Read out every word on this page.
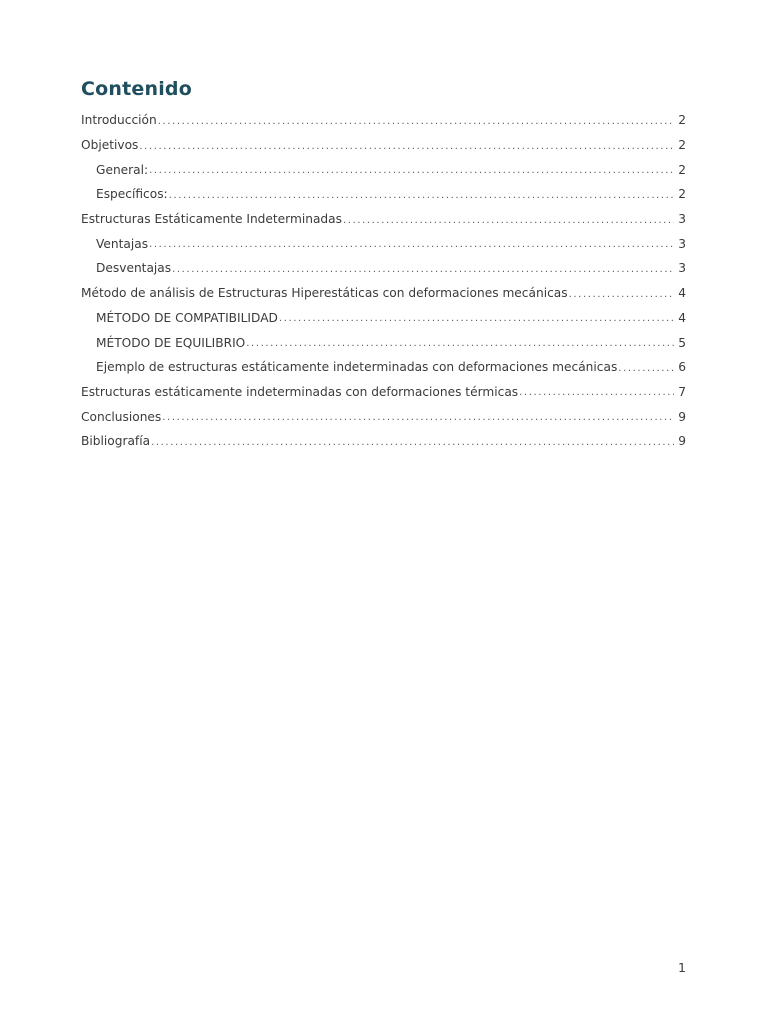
Contenido
Introducción .....	2
Objetivos .....	2
General: .....	2
Específicos: .....	2
Estructuras Estáticamente Indeterminadas .....	3
Ventajas .....	3
Desventajas .....	3
Método de análisis de Estructuras Hiperestáticas con deformaciones mecánicas .....	4
MÉTODO DE COMPATIBILIDAD .....	4
MÉTODO DE EQUILIBRIO .....	5
Ejemplo de estructuras estáticamente indeterminadas con deformaciones mecánicas .....	6
Estructuras estáticamente indeterminadas con deformaciones térmicas .....	7
Conclusiones .....	9
Bibliografía .....	9
1
